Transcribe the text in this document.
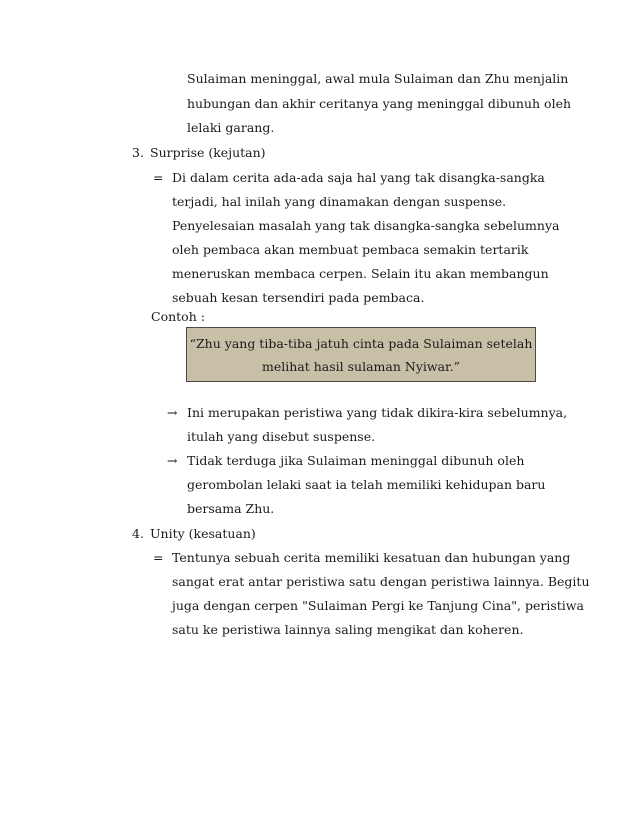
Sulaiman meninggal, awal mula Sulaiman dan Zhu menjalin
hubungan dan akhir ceritanya yang meninggal dibunuh oleh
lelaki garang.
3. Surprise (kejutan)
= Di dalam cerita ada-ada saja hal yang tak disangka-sangka
terjadi, hal inilah yang dinamakan dengan suspense.
Penyelesaian masalah yang tak disangka-sangka sebelumnya
oleh pembaca akan membuat pembaca semakin tertarik
meneruskan membaca cerpen. Selain itu akan membangun
sebuah kesan tersendiri pada pembaca.
Contoh :
“Zhu yang tiba-tiba jatuh cinta pada Sulaiman setelah
melihat hasil sulaman Nyiwar.”
→ Ini merupakan peristiwa yang tidak dikira-kira sebelumnya,
itulah yang disebut suspense.
→ Tidak terduga jika Sulaiman meninggal dibunuh oleh
gerombolan lelaki saat ia telah memiliki kehidupan baru
bersama Zhu.
4. Unity (kesatuan)
= Tentunya sebuah cerita memiliki kesatuan dan hubungan yang
sangat erat antar peristiwa satu dengan peristiwa lainnya. Begitu
juga dengan cerpen "Sulaiman Pergi ke Tanjung Cina", peristiwa
satu ke peristiwa lainnya saling mengikat dan koheren.
